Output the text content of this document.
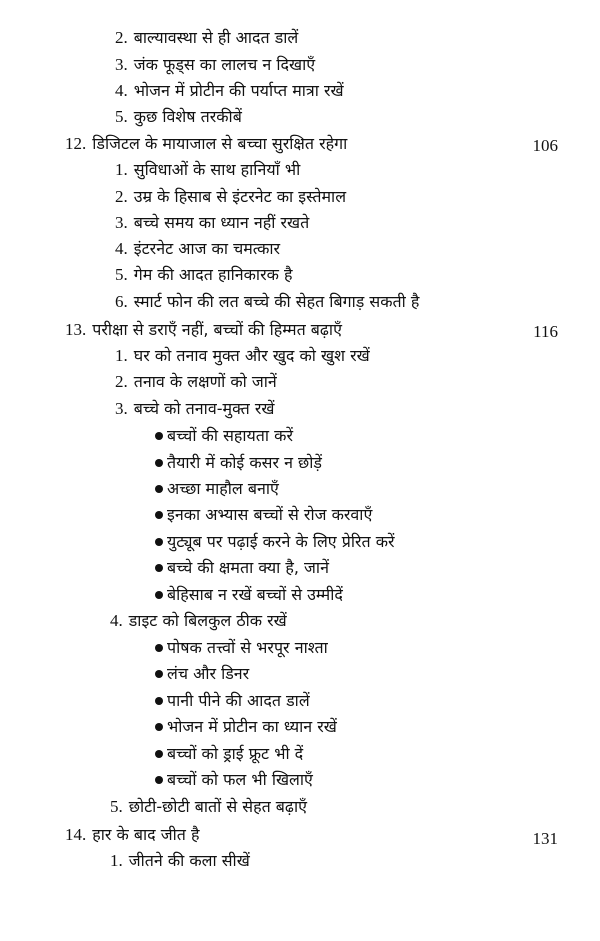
2. बाल्यावस्था से ही आदत डालें
3. जंक फूड्स का लालच न दिखाएँ
4. भोजन में प्रोटीन की पर्याप्त मात्रा रखें
5. कुछ विशेष तरकीबें
12. डिजिटल के मायाजाल से बच्चा सुरक्षित रहेगा	106
1. सुविधाओं के साथ हानियाँ भी
2. उम्र के हिसाब से इंटरनेट का इस्तेमाल
3. बच्चे समय का ध्यान नहीं रखते
4. इंटरनेट आज का चमत्कार
5. गेम की आदत हानिकारक है
6. स्मार्ट फोन की लत बच्चे की सेहत बिगाड़ सकती है
13. परीक्षा से डराएँ नहीं, बच्चों की हिम्मत बढ़ाएँ	116
1. घर को तनाव मुक्त और खुद को खुश रखें
2. तनाव के लक्षणों को जानें
3. बच्चे को तनाव-मुक्त रखें
बच्चों की सहायता करें
तैयारी में कोई कसर न छोड़ें
अच्छा माहौल बनाएँ
इनका अभ्यास बच्चों से रोज करवाएँ
युट्यूब पर पढ़ाई करने के लिए प्रेरित करें
बच्चे की क्षमता क्या है, जानें
बेहिसाब न रखें बच्चों से उम्मीदें
4. डाइट को बिलकुल ठीक रखें
पोषक तत्त्वों से भरपूर नाश्ता
लंच और डिनर
पानी पीने की आदत डालें
भोजन में प्रोटीन का ध्यान रखें
बच्चों को ड्राई फ्रूट भी दें
बच्चों को फल भी खिलाएँ
5. छोटी-छोटी बातों से सेहत बढ़ाएँ
14. हार के बाद जीत है	131
1. जीतने की कला सीखें
